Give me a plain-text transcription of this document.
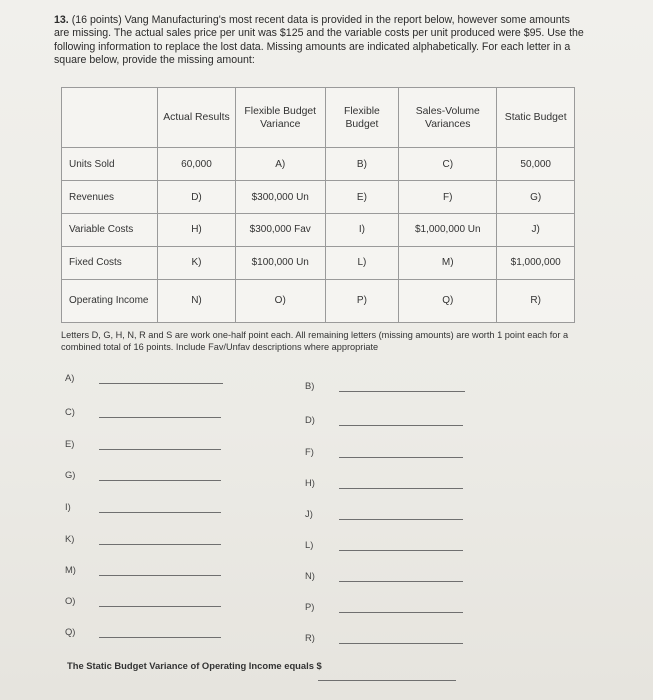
13. (16 points) Vang Manufacturing's most recent data is provided in the report below, however some amounts are missing. The actual sales price per unit was $125 and the variable costs per unit produced were $95. Use the following information to replace the lost data. Missing amounts are indicated alphabetically. For each letter in a square below, provide the missing amount:
	Actual Results	Flexible Budget Variance	Flexible Budget	Sales-Volume Variances	Static Budget
Units Sold	60,000	A)	B)	C)	50,000
Revenues	D)	$300,000 Un	E)	F)	G)
Variable Costs	H)	$300,000 Fav	I)	$1,000,000 Un	J)
Fixed Costs	K)	$100,000 Un	L)	M)	$1,000,000
Operating Income	N)	O)	P)	Q)	R)
Letters D, G, H, N, R and S are work one-half point each. All remaining letters (missing amounts) are worth 1 point each for a combined total of 16 points. Include Fav/Unfav descriptions where appropriate
A)
C)
E)
G)
I)
K)
M)
O)
Q)
B)
D)
F)
H)
J)
L)
N)
P)
R)
The Static Budget Variance of Operating Income equals $
